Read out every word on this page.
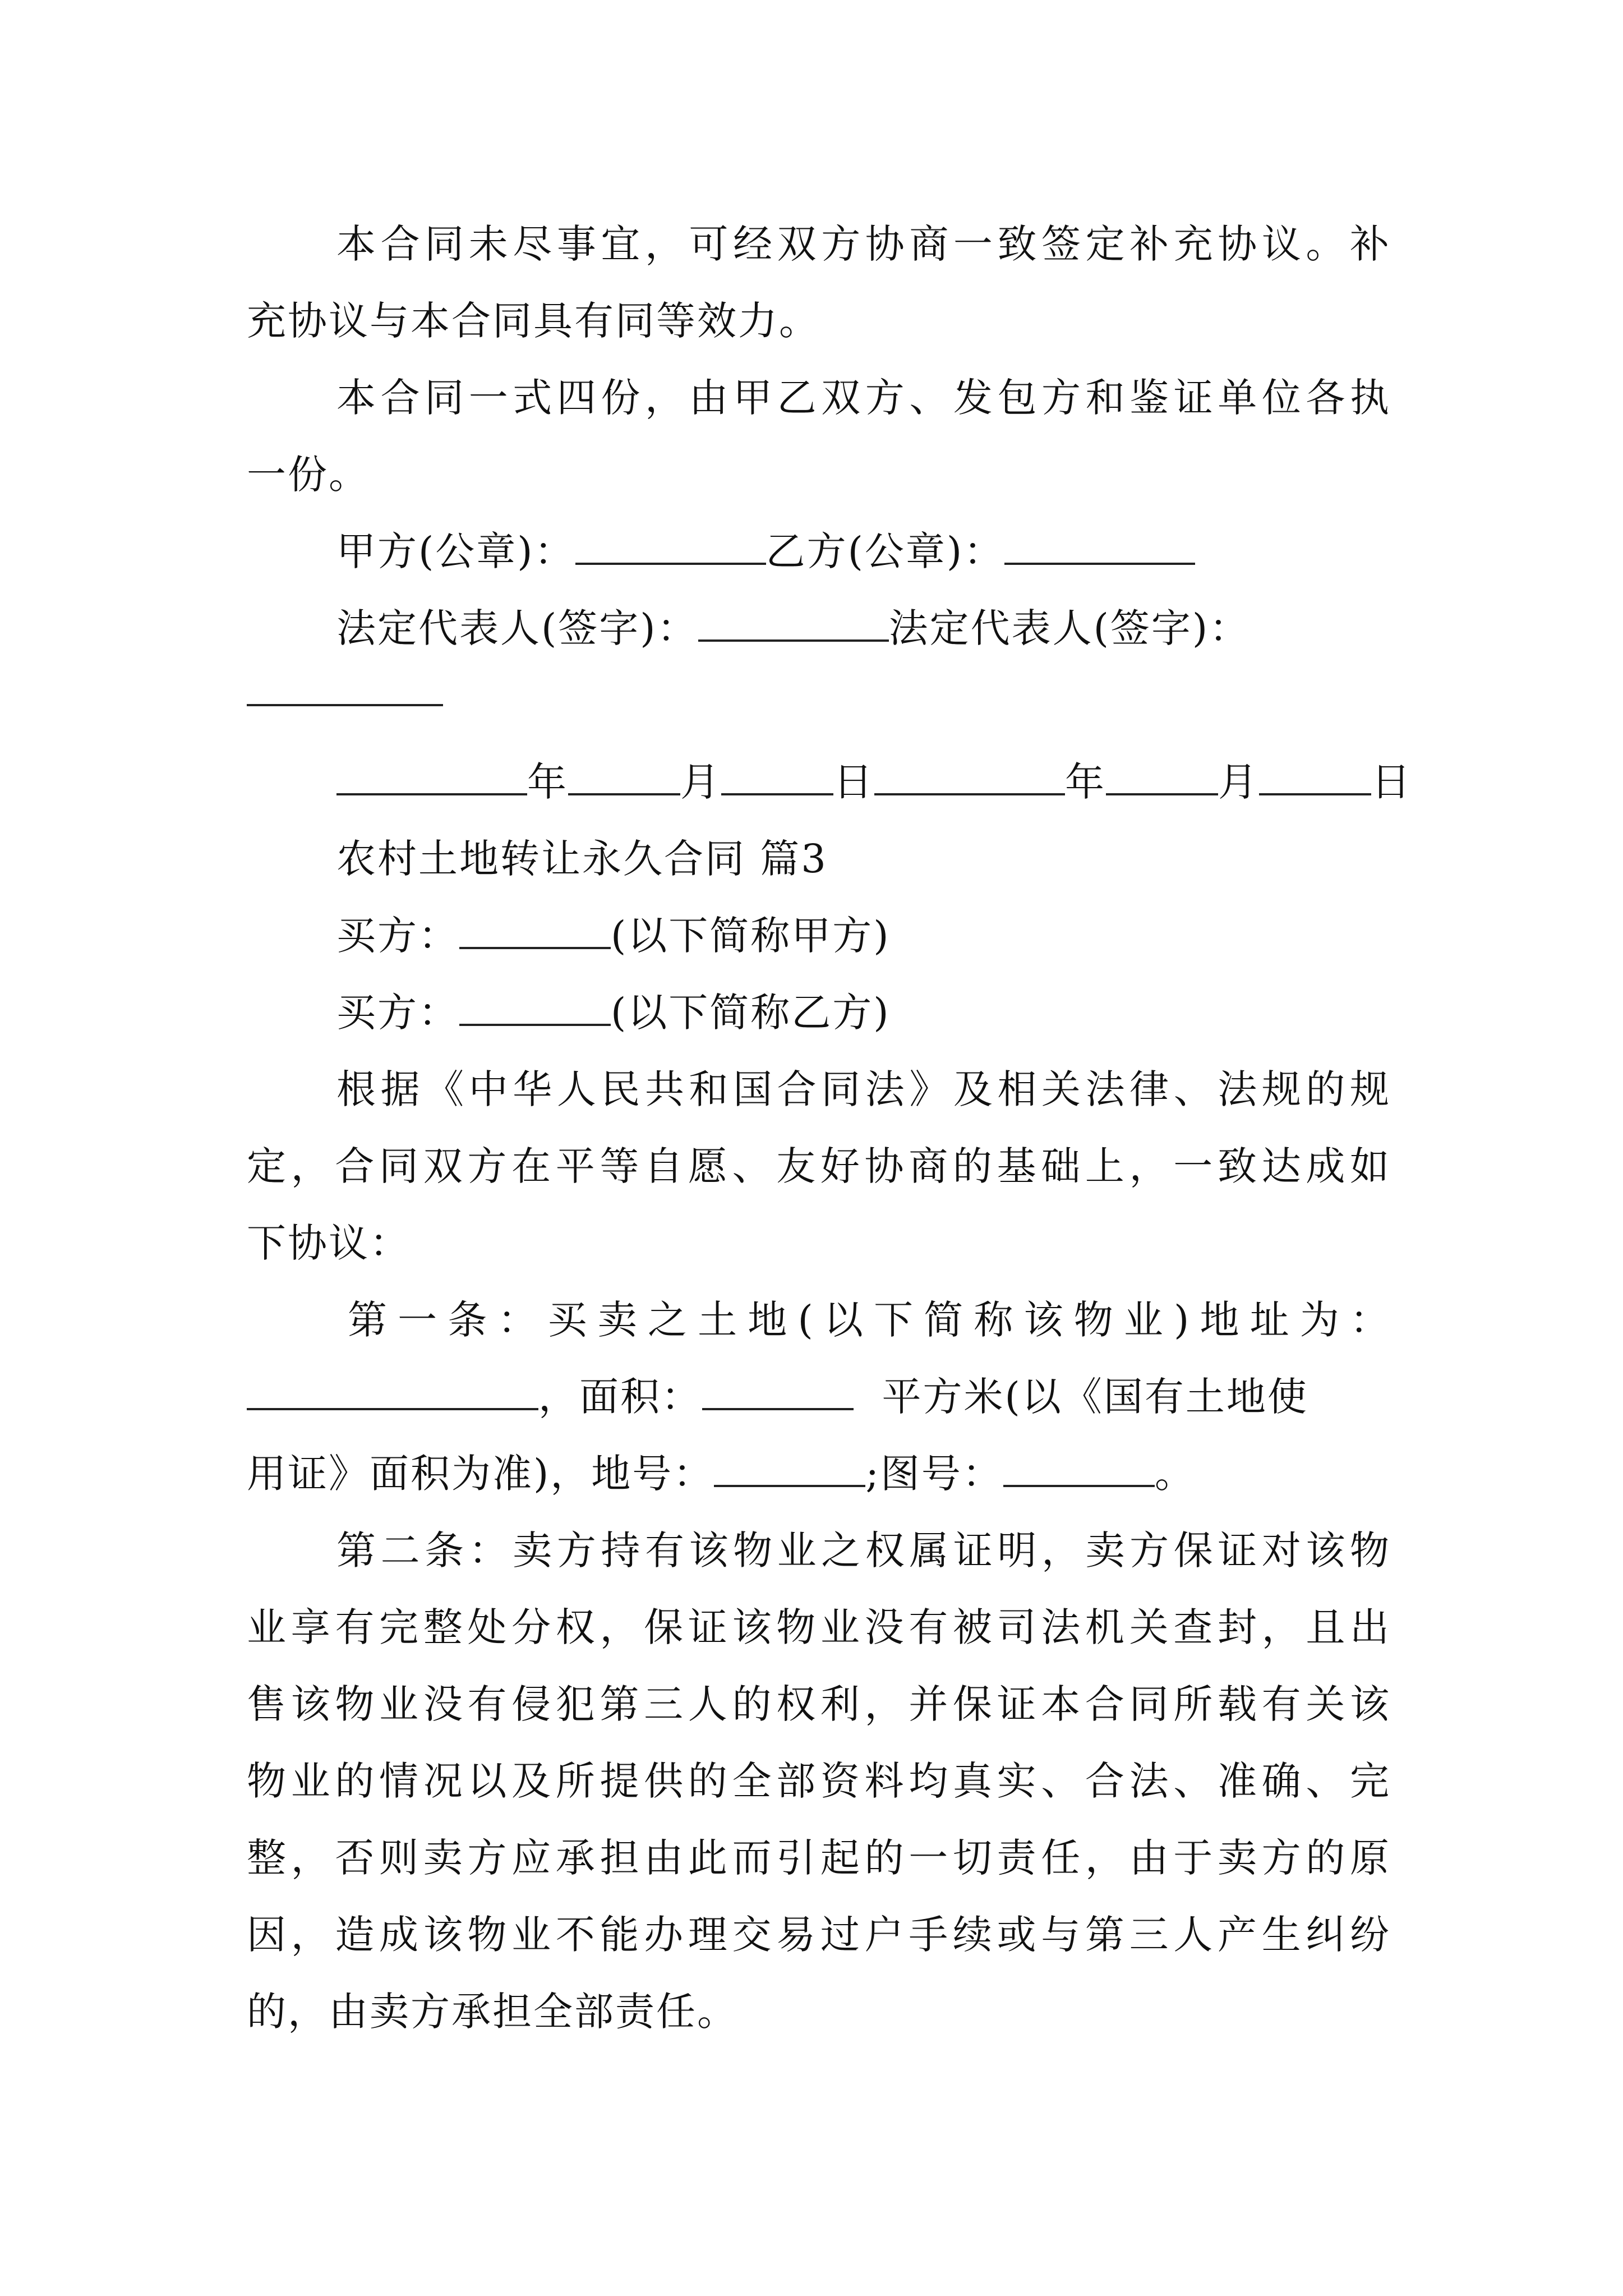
本合同未尽事宜，可经双方协商一致签定补充协议。补
充协议与本合同具有同等效力。
本合同一式四份，由甲乙双方、发包方和鉴证单位各执
一份。
甲方(公章)：	乙方(公章)：
法定代表人(签字)：	法定代表人(签字)：
年	月	日	年	月	日
农村土地转让永久合同 篇3
买方：	(以下简称甲方)
买方：	(以下简称乙方)
根据《中华人民共和国合同法》及相关法律、法规的规
定，合同双方在平等自愿、友好协商的基础上，一致达成如
下协议：
第一条：买卖之土地(以下简称该物业)地址为：
，面积：	平方米(以《国有土地使
用证》面积为准)，地号：	;图号：	。
第二条：卖方持有该物业之权属证明，卖方保证对该物
业享有完整处分权，保证该物业没有被司法机关查封，且出
售该物业没有侵犯第三人的权利，并保证本合同所载有关该
物业的情况以及所提供的全部资料均真实、合法、准确、完
整，否则卖方应承担由此而引起的一切责任，由于卖方的原
因，造成该物业不能办理交易过户手续或与第三人产生纠纷
的，由卖方承担全部责任。
